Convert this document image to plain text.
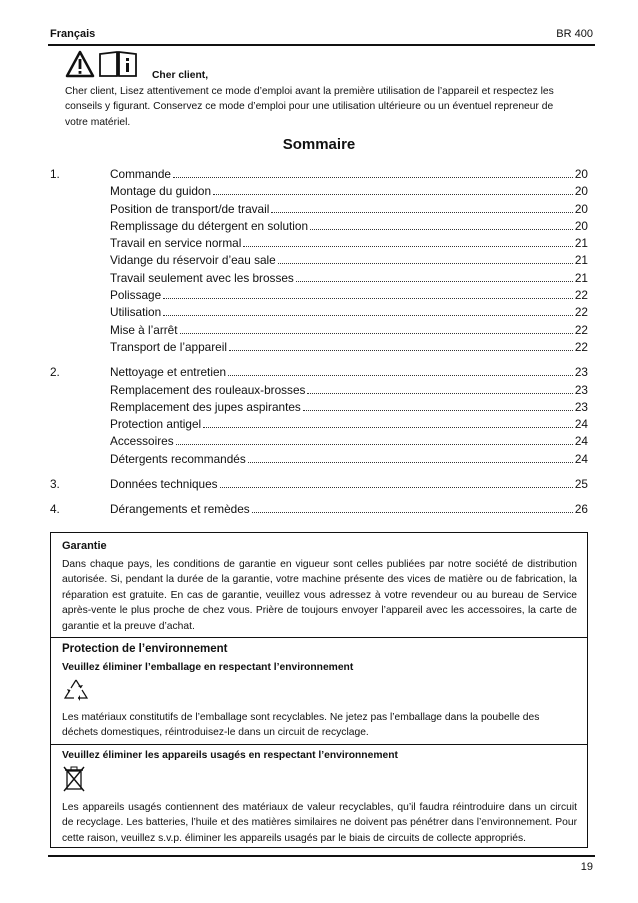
Français	BR 400
Cher client,
Cher client, Lisez attentivement ce mode d’emploi avant la première utilisation de l’appareil et respectez les conseils y figurant. Conservez ce mode d’emploi pour une utilisation ultérieure ou un éventuel repreneur de votre matériel.
Sommaire
1.	Commande	20
Montage du guidon	20
Position de transport/de travail	20
Remplissage du détergent en solution	20
Travail en service normal	21
Vidange du réservoir d’eau sale	21
Travail seulement avec les brosses	21
Polissage	22
Utilisation	22
Mise à l’arrêt	22
Transport de l’appareil	22
2.	Nettoyage et entretien	23
Remplacement des rouleaux-brosses	23
Remplacement des jupes aspirantes	23
Protection antigel	24
Accessoires	24
Détergents recommandés	24
3.	Données techniques	25
4.	Dérangements et remèdes	26
Garantie
Dans chaque pays, les conditions de garantie en vigueur sont celles publiées par notre société de distribution autorisée. Si, pendant la durée de la garantie, votre machine présente des vices de matière ou de fabrication, la réparation est gratuite. En cas de garantie, veuillez vous adressez à votre revendeur ou au bureau de Service après-vente le plus proche de chez vous. Prière de toujours envoyer l’appareil avec les accessoires, la carte de garantie et la preuve d’achat.
Protection de l’environnement
Veuillez éliminer l’emballage en respectant l’environnement
Les matériaux constitutifs de l’emballage sont recyclables. Ne jetez pas l’emballage dans la poubelle des déchets domestiques, réintroduisez-le dans un circuit de recyclage.
Veuillez éliminer les appareils usagés en respectant l’environnement
Les appareils usagés contiennent des matériaux de valeur recyclables, qu’il faudra réintroduire dans un circuit de recyclage. Les batteries, l’huile et des matières similaires ne doivent pas pénétrer dans l’environnement. Pour cette raison, veuillez s.v.p. éliminer les appareils usagés par le biais de circuits de collecte appropriés.
19
